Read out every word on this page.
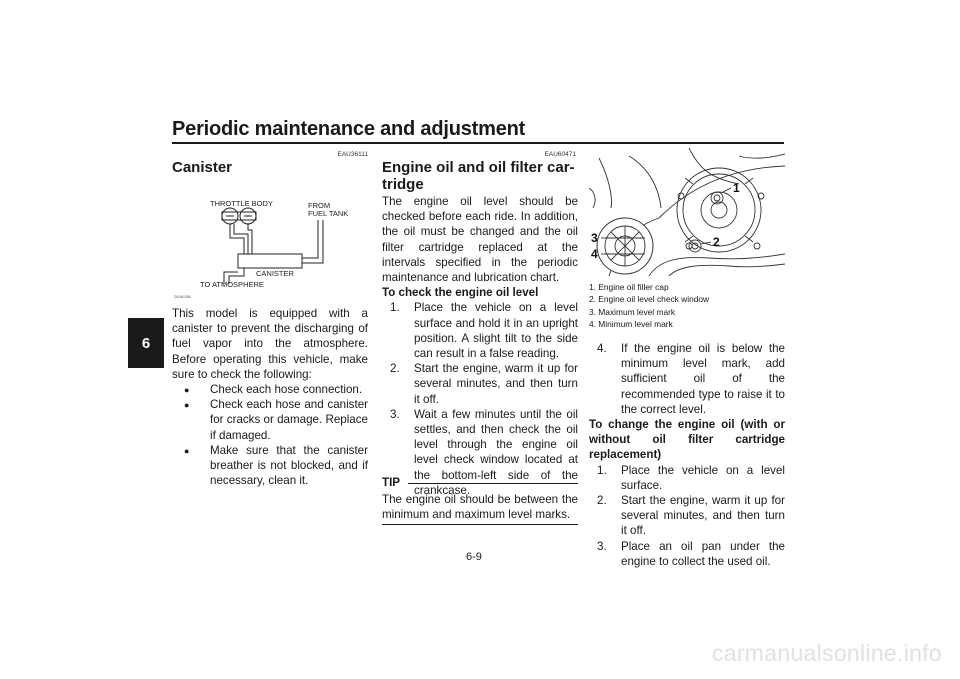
Periodic maintenance and adjustment
6
EAU36111
Canister
THROTTLE BODY	FROM
FUEL TANK
CANISTER
TO ATMOSPHERE
ZAU61386

This model is equipped with a canister to prevent the discharging of fuel vapor into the atmosphere. Before operating this vehicle, make sure to check the following:

● Check each hose connection.
● Check each hose and canister for cracks or damage. Replace if damaged.
● Make sure that the canister breather is not blocked, and if necessary, clean it.
EAU60471
Engine oil and oil filter car-
tridge

The engine oil level should be checked before each ride. In addition, the oil must be changed and the oil filter cartridge replaced at the intervals specified in the periodic maintenance and lubrication chart.

To check the engine oil level

1. Place the vehicle on a level surface and hold it in an upright position. A slight tilt to the side can result in a false reading.
2. Start the engine, warm it up for several minutes, and then turn it off.
3. Wait a few minutes until the oil settles, and then check the oil level through the engine oil level check window located at the bottom-left side of the crankcase.
TIP
The engine oil should be between the minimum and maximum level marks.
1
2
3
4
1. Engine oil filler cap
2. Engine oil level check window
3. Maximum level mark
4. Minimum level mark
4. If the engine oil is below the minimum level mark, add sufficient oil of the recommended type to raise it to the correct level.

To change the engine oil (with or without oil filter cartridge replacement)

1. Place the vehicle on a level surface.
2. Start the engine, warm it up for several minutes, and then turn it off.
3. Place an oil pan under the engine to collect the used oil.
6-9
carmanualsonline.info
